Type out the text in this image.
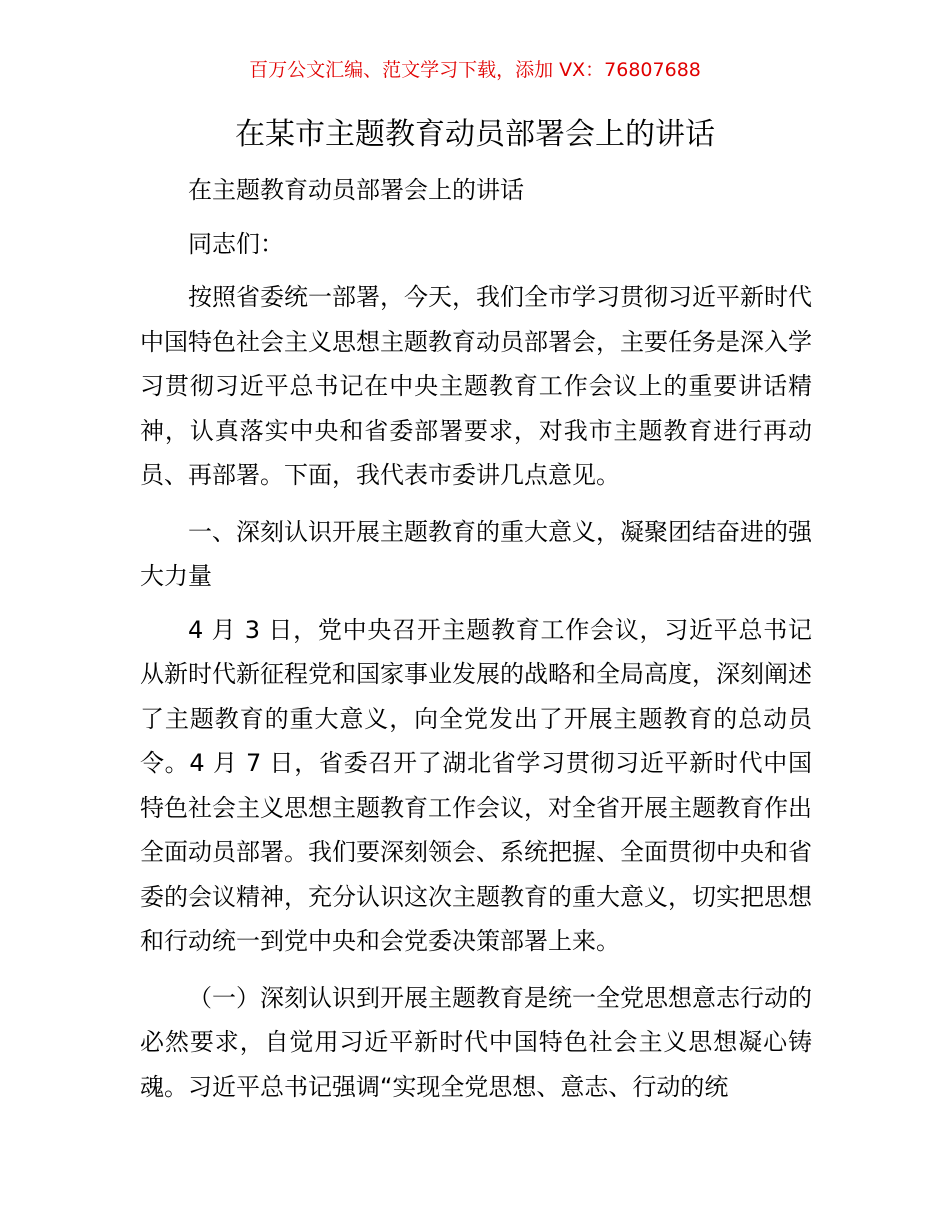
百万公文汇编、范文学习下载，添加 VX：76807688
在某市主题教育动员部署会上的讲话

在主题教育动员部署会上的讲话

同志们：

按照省委统一部署，今天，我们全市学习贯彻习近平新时代中国特色社会主义思想主题教育动员部署会，主要任务是深入学习贯彻习近平总书记在中央主题教育工作会议上的重要讲话精神，认真落实中央和省委部署要求，对我市主题教育进行再动员、再部署。下面，我代表市委讲几点意见。

一、深刻认识开展主题教育的重大意义，凝聚团结奋进的强大力量

4 月 3 日，党中央召开主题教育工作会议，习近平总书记从新时代新征程党和国家事业发展的战略和全局高度，深刻阐述了主题教育的重大意义，向全党发出了开展主题教育的总动员令。4 月 7 日，省委召开了湖北省学习贯彻习近平新时代中国特色社会主义思想主题教育工作会议，对全省开展主题教育作出全面动员部署。我们要深刻领会、系统把握、全面贯彻中央和省委的会议精神，充分认识这次主题教育的重大意义，切实把思想和行动统一到党中央和会党委决策部署上来。

（一）深刻认识到开展主题教育是统一全党思想意志行动的必然要求，自觉用习近平新时代中国特色社会主义思想凝心铸魂。习近平总书记强调“实现全党思想、意志、行动的统
